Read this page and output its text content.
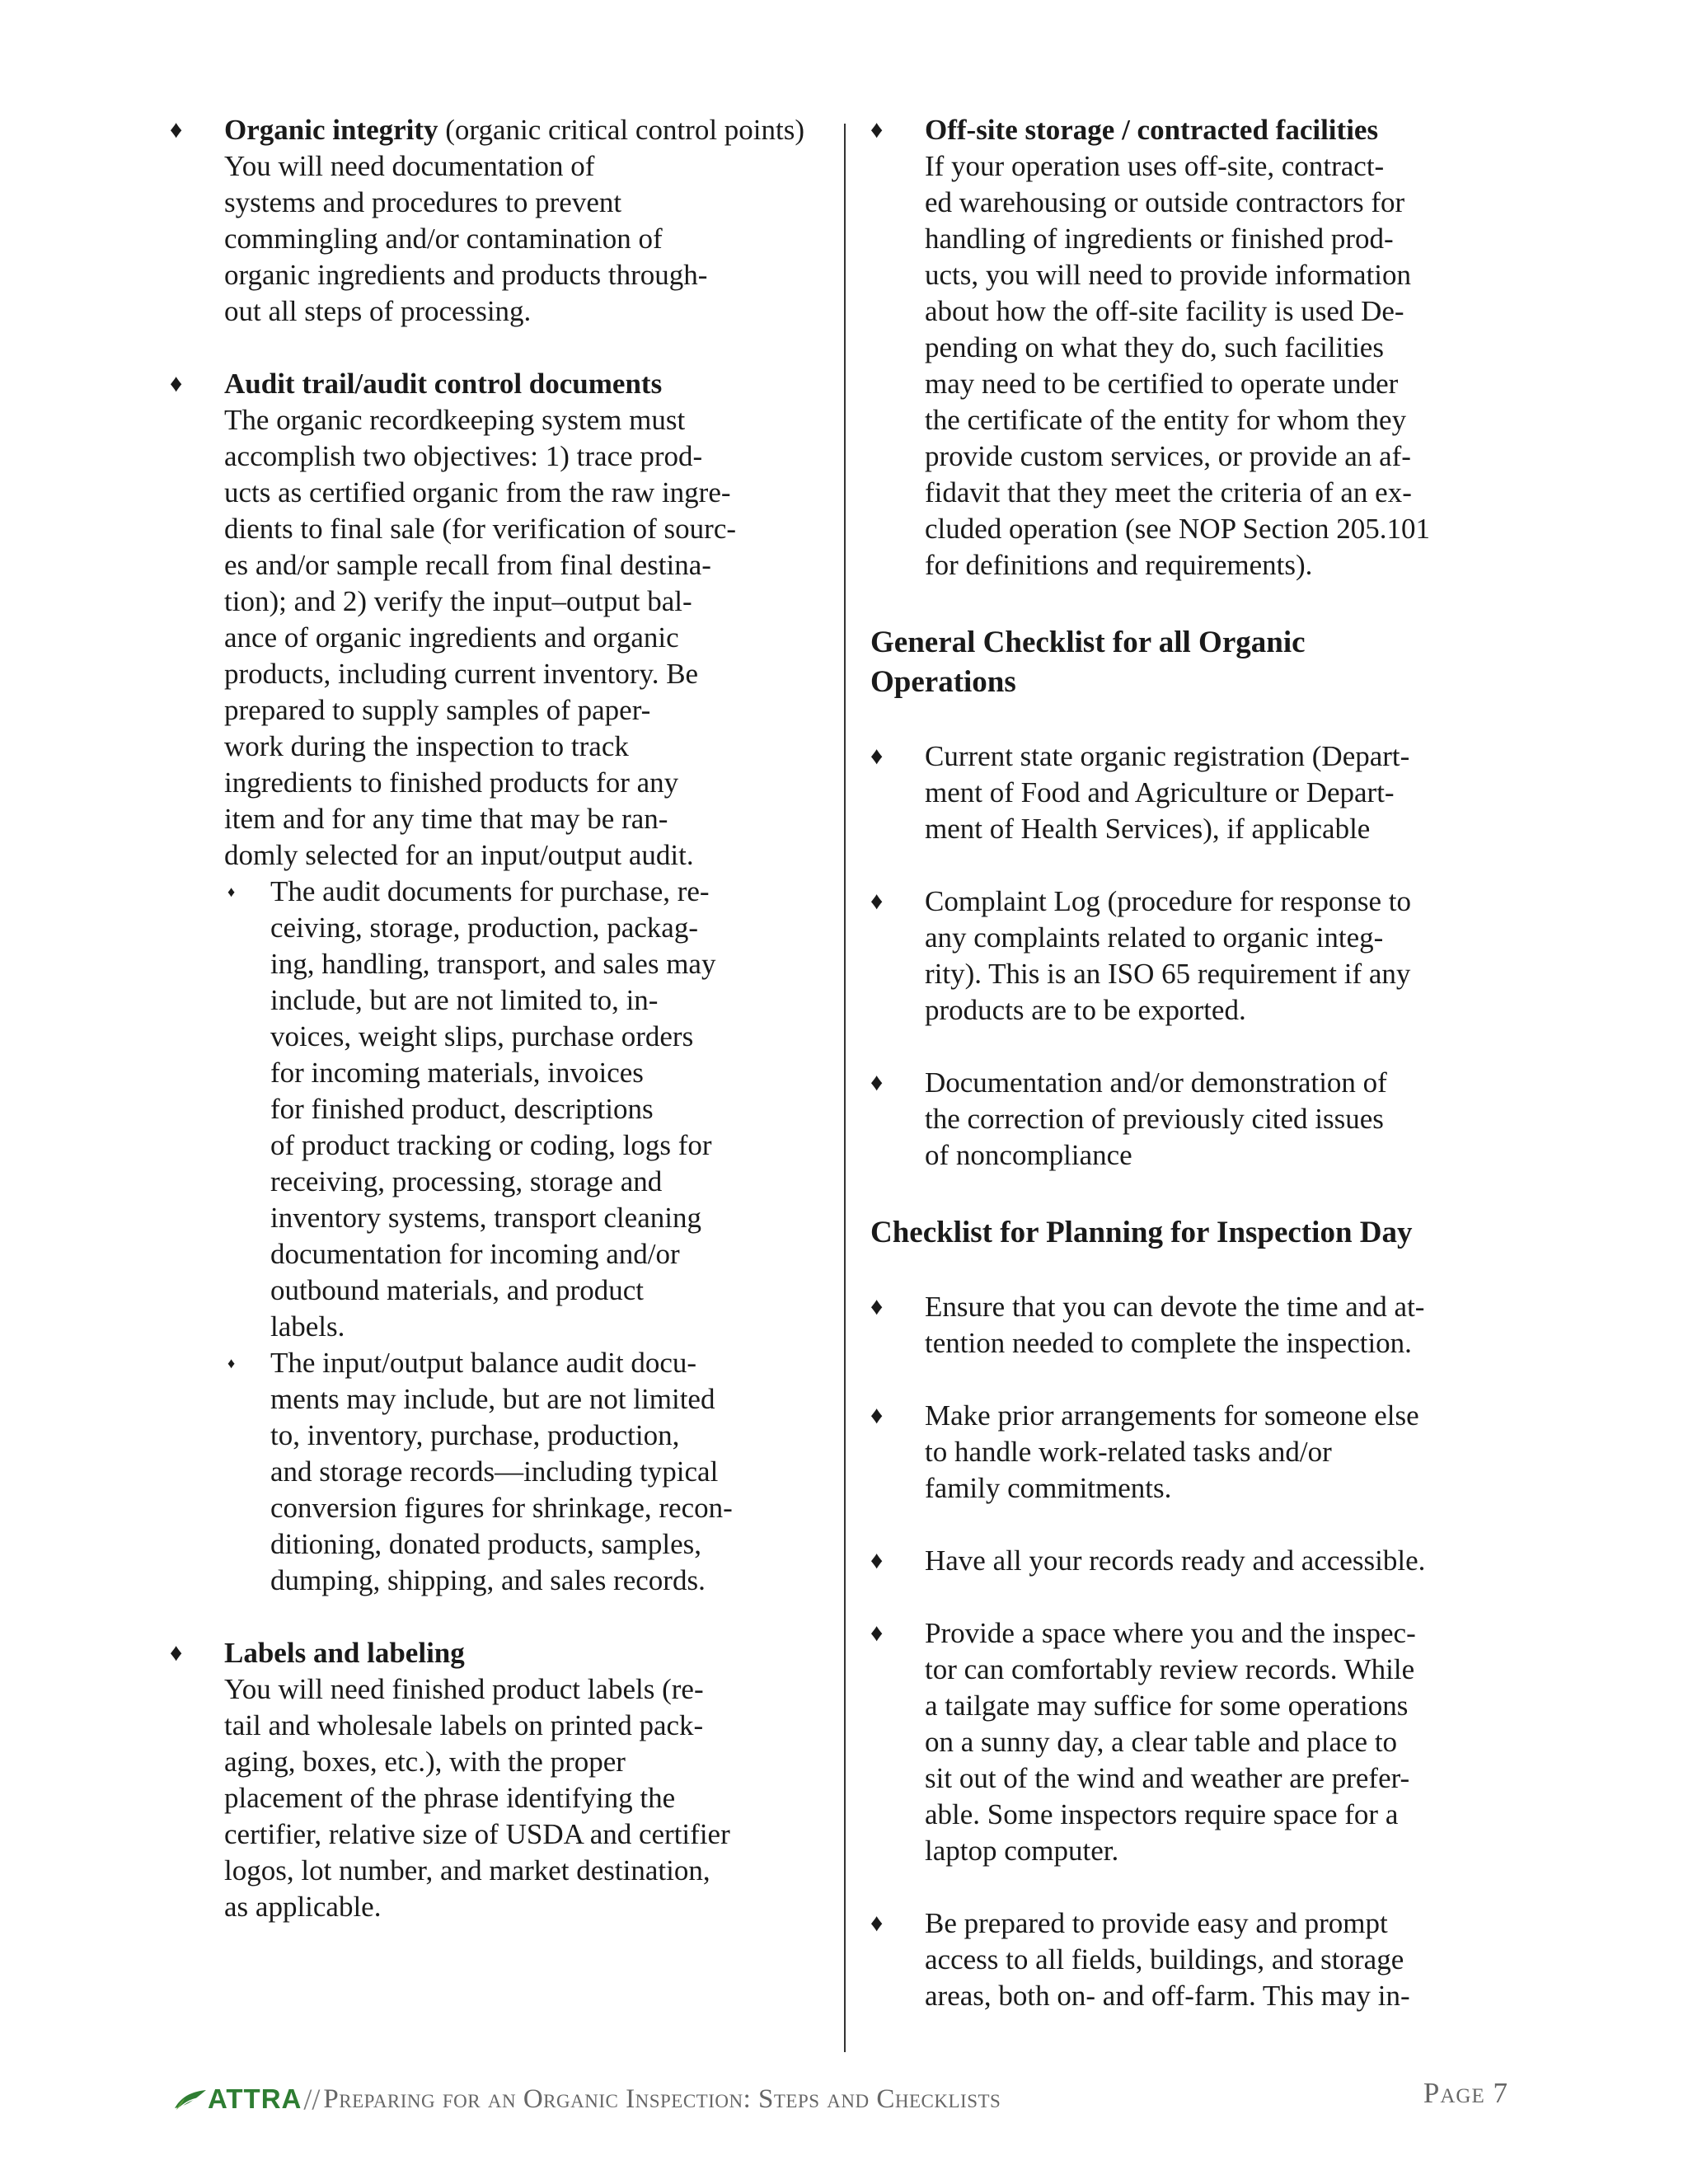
♦ Organic integrity (organic critical control points)
You will need documentation of
systems and procedures to prevent
commingling and/or contamination of
organic ingredients and products through-
out all steps of processing.
♦ Audit trail/audit control documents
The organic recordkeeping system must
accomplish two objectives: 1) trace prod-
ucts as certified organic from the raw ingre-
dients to final sale (for verification of sourc-
es and/or sample recall from final destina-
tion); and 2) verify the input–output bal-
ance of organic ingredients and organic
products, including current inventory. Be
prepared to supply samples of paper-
work during the inspection to track
ingredients to finished products for any
item and for any time that may be ran-
domly selected for an input/output audit.
♦ The audit documents for purchase, re-
ceiving, storage, production, packag-
ing, handling, transport, and sales may
include, but are not limited to, in-
voices, weight slips, purchase orders
for incoming materials, invoices
for finished product, descriptions
of product tracking or coding, logs for
receiving, processing, storage and
inventory systems, transport cleaning
documentation for incoming and/or
outbound materials, and product
labels.
♦ The input/output balance audit docu-
ments may include, but are not limited
to, inventory, purchase, production,
and storage records—including typical
conversion figures for shrinkage, recon-
ditioning, donated products, samples,
dumping, shipping, and sales records.
♦ Labels and labeling
You will need finished product labels (re-
tail and wholesale labels on printed pack-
aging, boxes, etc.), with the proper
placement of the phrase identifying the
certifier, relative size of USDA and certifier
logos, lot number, and market destination,
as applicable.
♦ Off-site storage / contracted facilities
If your operation uses off-site, contract-
ed warehousing or outside contractors for
handling of ingredients or finished prod-
ucts, you will need to provide information
about how the off-site facility is used De-
pending on what they do, such facilities
may need to be certified to operate under
the certificate of the entity for whom they
provide custom services, or provide an af-
fidavit that they meet the criteria of an ex-
cluded operation (see NOP Section 205.101
for definitions and requirements).
General Checklist for all Organic
Operations
♦ Current state organic registration (Depart-
ment of Food and Agriculture or Depart-
ment of Health Services), if applicable
♦ Complaint Log (procedure for response to
any complaints related to organic integ-
rity). This is an ISO 65 requirement if any
products are to be exported.
♦ Documentation and/or demonstration of
the correction of previously cited issues
of noncompliance
Checklist for Planning for Inspection Day
♦ Ensure that you can devote the time and at-
tention needed to complete the inspection.
♦ Make prior arrangements for someone else
to handle work-related tasks and/or
family commitments.
♦ Have all your records ready and accessible.
♦ Provide a space where you and the inspec-
tor can comfortably review records. While
a tailgate may suffice for some operations
on a sunny day, a clear table and place to
sit out of the wind and weather are prefer-
able. Some inspectors require space for a
laptop computer.
♦ Be prepared to provide easy and prompt
access to all fields, buildings, and storage
areas, both on- and off-farm. This may in-
ATTRA // Preparing for an Organic Inspection: Steps and Checklists	Page 7
